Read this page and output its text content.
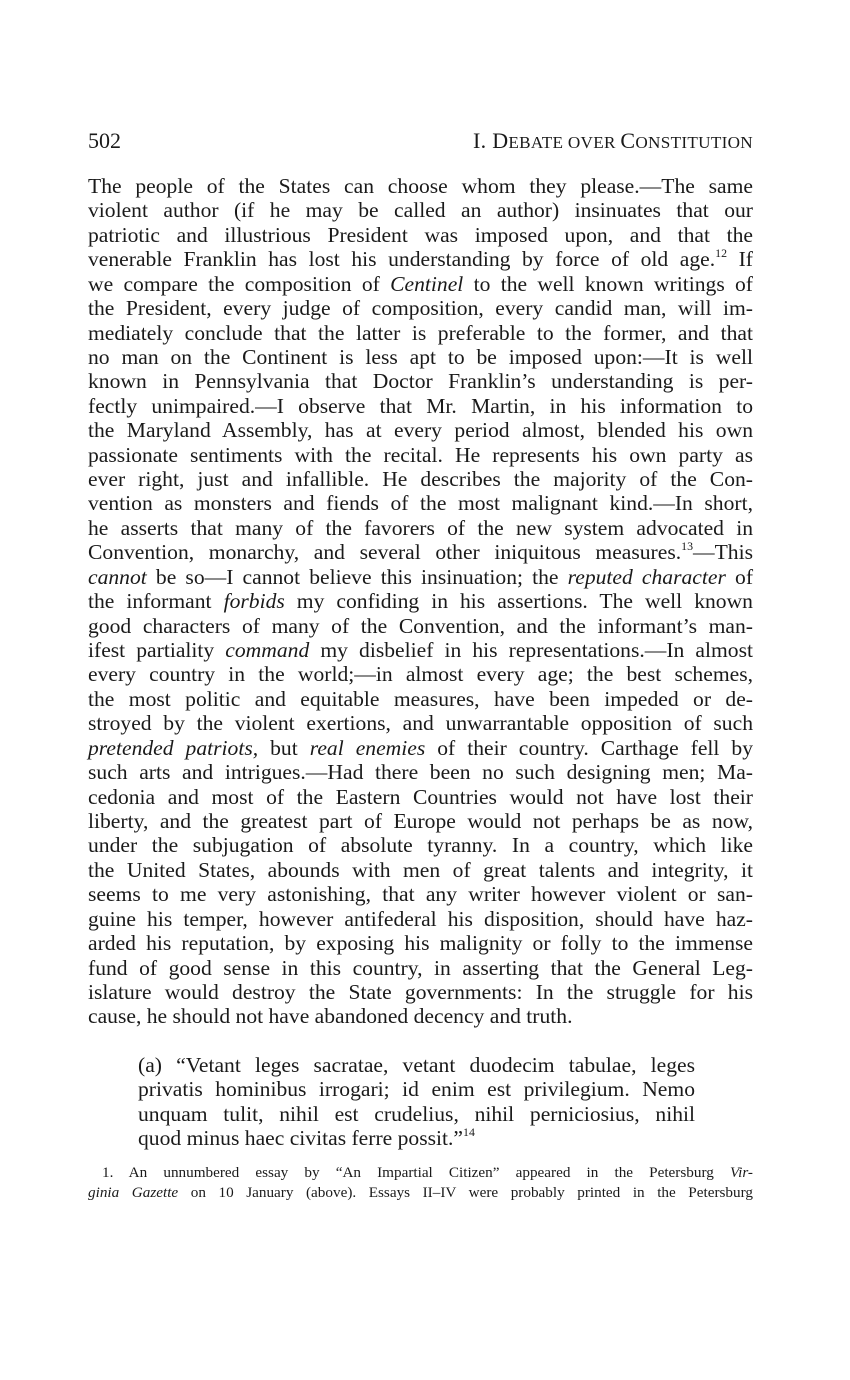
502	I. DEBATE OVER CONSTITUTION
The people of the States can choose whom they please.—The same
violent author (if he may be called an author) insinuates that our
patriotic and illustrious President was imposed upon, and that the
venerable Franklin has lost his understanding by force of old age.$^{12}$ If
we compare the composition of Centinel to the well known writings of
the President, every judge of composition, every candid man, will im-
mediately conclude that the latter is preferable to the former, and that
no man on the Continent is less apt to be imposed upon:—It is well
known in Pennsylvania that Doctor Franklin’s understanding is per-
fectly unimpaired.—I observe that Mr. Martin, in his information to
the Maryland Assembly, has at every period almost, blended his own
passionate sentiments with the recital. He represents his own party as
ever right, just and infallible. He describes the majority of the Con-
vention as monsters and fiends of the most malignant kind.—In short,
he asserts that many of the favorers of the new system advocated in
Convention, monarchy, and several other iniquitous measures.$^{13}$—This
cannot be so—I cannot believe this insinuation; the reputed character of
the informant forbids my confiding in his assertions. The well known
good characters of many of the Convention, and the informant’s man-
ifest partiality command my disbelief in his representations.—In almost
every country in the world;—in almost every age; the best schemes,
the most politic and equitable measures, have been impeded or de-
stroyed by the violent exertions, and unwarrantable opposition of such
pretended patriots, but real enemies of their country. Carthage fell by
such arts and intrigues.—Had there been no such designing men; Ma-
cedonia and most of the Eastern Countries would not have lost their
liberty, and the greatest part of Europe would not perhaps be as now,
under the subjugation of absolute tyranny. In a country, which like
the United States, abounds with men of great talents and integrity, it
seems to me very astonishing, that any writer however violent or san-
guine his temper, however antifederal his disposition, should have haz-
arded his reputation, by exposing his malignity or folly to the immense
fund of good sense in this country, in asserting that the General Leg-
islature would destroy the State governments: In the struggle for his
cause, he should not have abandoned decency and truth.
(a) “Vetant leges sacratae, vetant duodecim tabulae, leges
privatis hominibus irrogari; id enim est privilegium. Nemo
unquam tulit, nihil est crudelius, nihil perniciosius, nihil
quod minus haec civitas ferre possit.”$^{14}$
1. An unnumbered essay by “An Impartial Citizen” appeared in the Petersburg Vir-
ginia Gazette on 10 January (above). Essays II–IV were probably printed in the Petersburg
